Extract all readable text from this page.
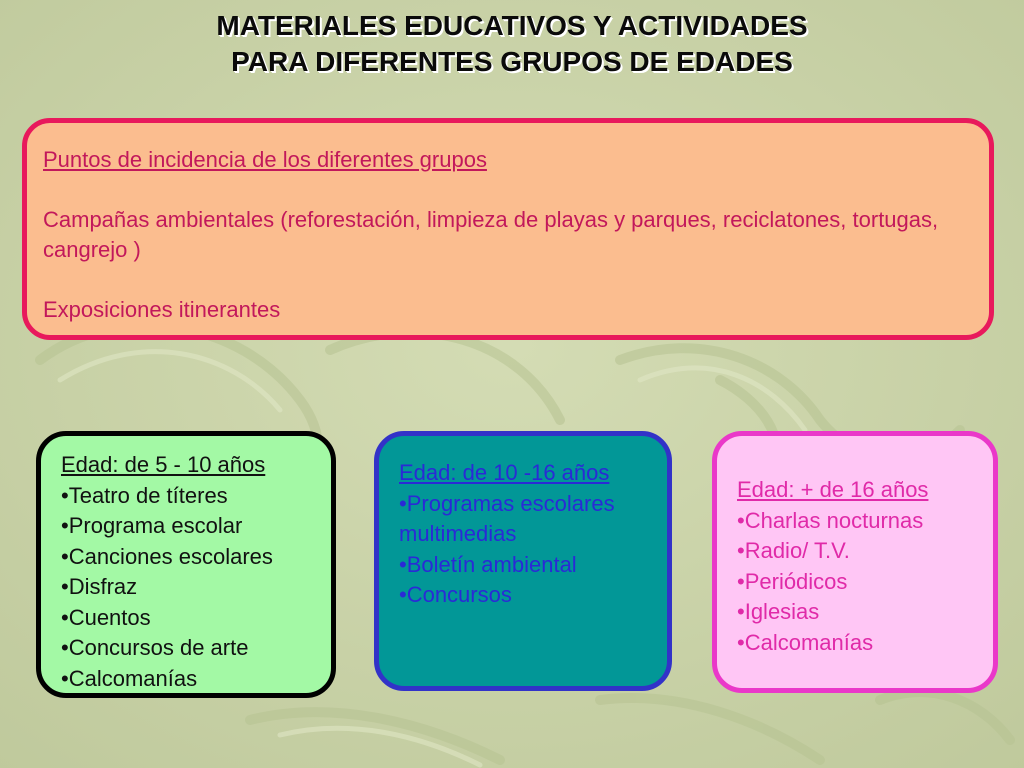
MATERIALES EDUCATIVOS Y ACTIVIDADES
PARA DIFERENTES GRUPOS DE EDADES

Puntos de incidencia de los diferentes grupos

Campañas ambientales (reforestación, limpieza de playas y parques, reciclatones, tortugas, cangrejo )

Exposiciones itinerantes

Edad: de 5 - 10 años

•Teatro de títeres

•Programa escolar

•Canciones escolares

•Disfraz

•Cuentos

•Concursos de arte

•Calcomanías

Edad: de 10 -16 años

•Programas escolares multimedias

•Boletín ambiental

•Concursos

Edad: + de 16 años

•Charlas nocturnas

•Radio/ T.V.

•Periódicos

•Iglesias

•Calcomanías
